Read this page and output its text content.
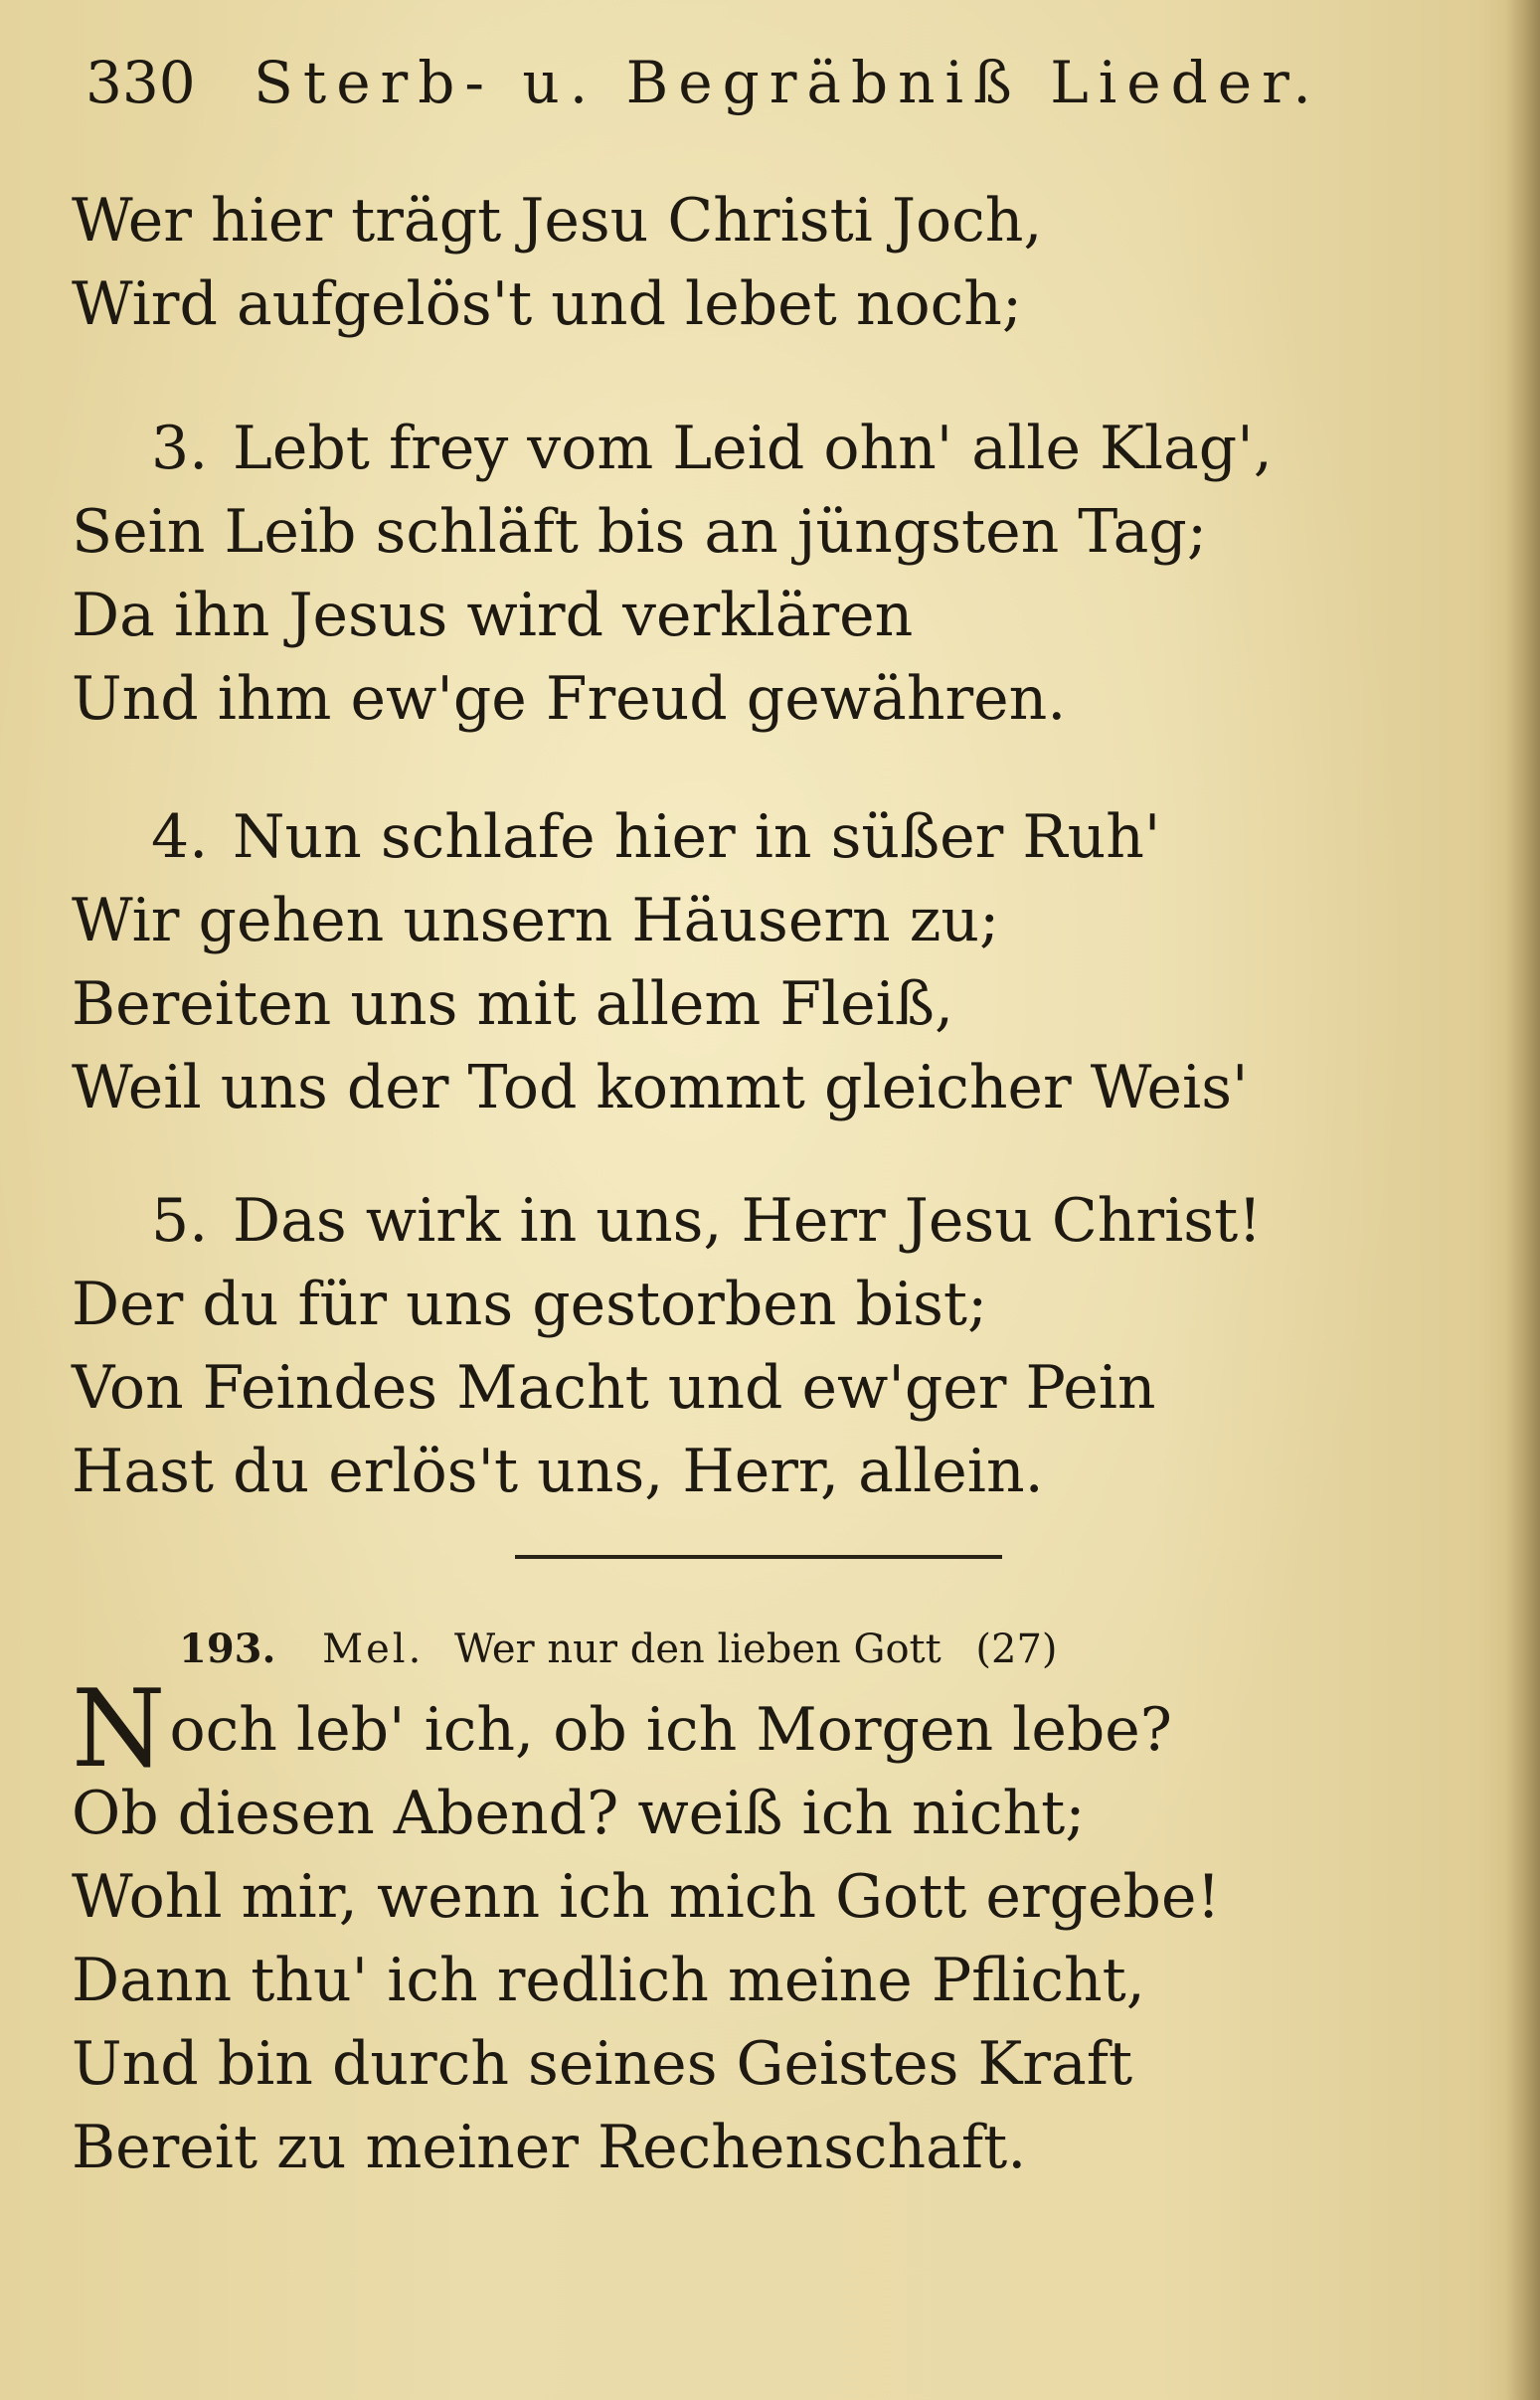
330 Sterb- u. Begräbniß Lieder.
Wer hier trägt Jesu Christi Joch,
Wird aufgelös't und lebet noch;
3. Lebt frey vom Leid ohn' alle Klag',
Sein Leib schläft bis an jüngsten Tag;
Da ihn Jesus wird verklären
Und ihm ew'ge Freud gewähren.
4. Nun schlafe hier in süßer Ruh'
Wir gehen unsern Häusern zu;
Bereiten uns mit allem Fleiß,
Weil uns der Tod kommt gleicher Weis'
5. Das wirk in uns, Herr Jesu Christ!
Der du für uns gestorben bist;
Von Feindes Macht und ew'ger Pein
Hast du erlös't uns, Herr, allein.
193. Mel. Wer nur den lieben Gott (27)
Noch leb' ich, ob ich Morgen lebe?
Ob diesen Abend? weiß ich nicht;
Wohl mir, wenn ich mich Gott ergebe!
Dann thu' ich redlich meine Pflicht,
Und bin durch seines Geistes Kraft
Bereit zu meiner Rechenschaft.
